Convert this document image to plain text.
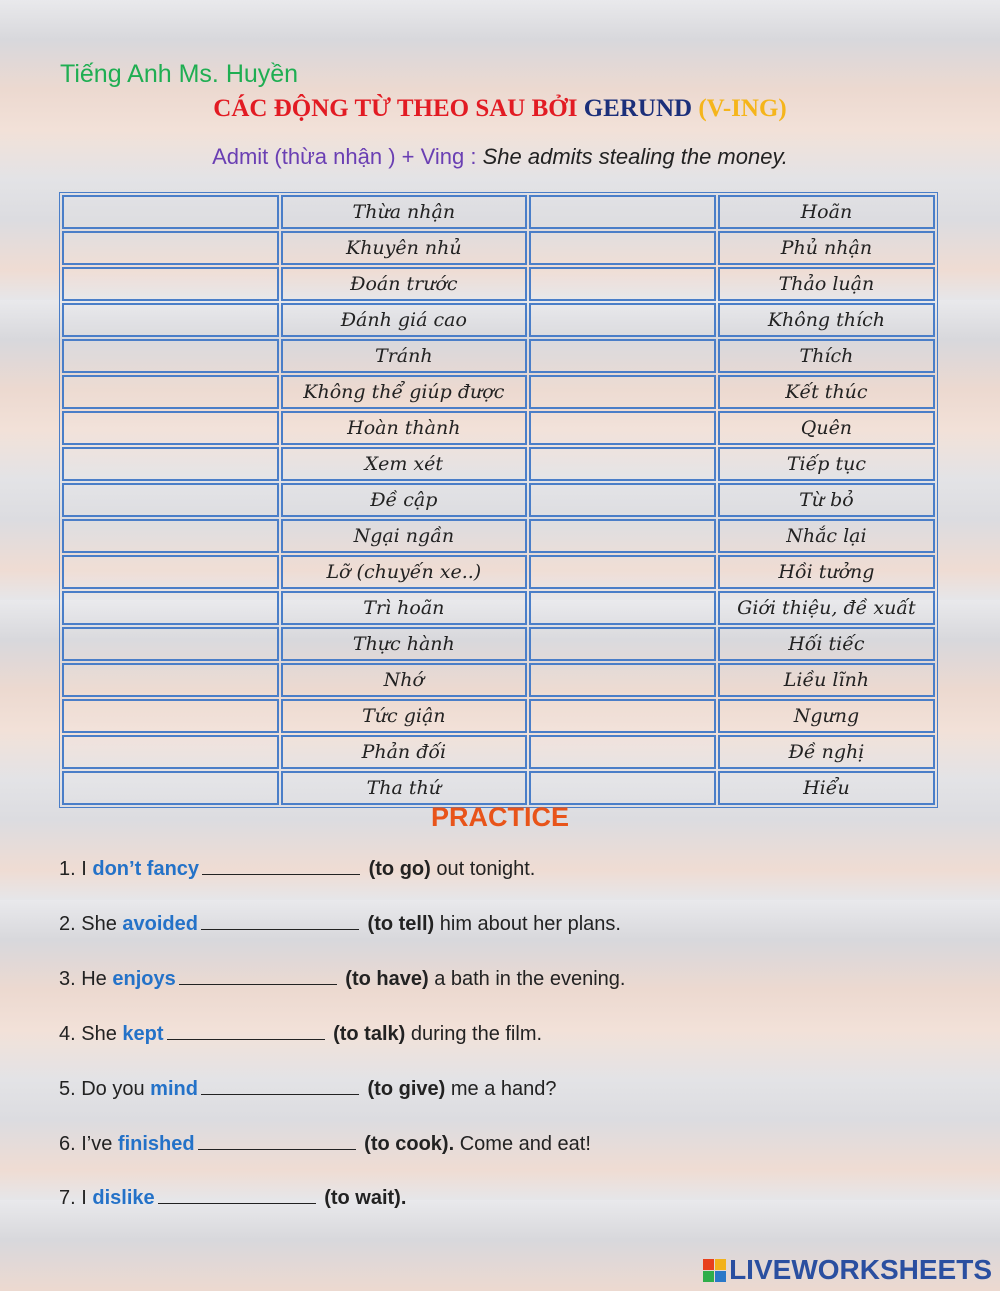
Tiếng Anh Ms. Huyền
CÁC ĐỘNG TỪ THEO SAU BỞI GERUND (V-ING)
Admit (thừa nhận ) + Ving : She admits stealing the money.
	Thừa nhận		Hoãn
	Khuyên nhủ		Phủ nhận
	Đoán trước		Thảo luận
	Đánh giá cao		Không thích
	Tránh		Thích
	Không thể giúp được		Kết thúc
	Hoàn thành		Quên
	Xem xét		Tiếp tục
	Đề cập		Từ bỏ
	Ngại ngần		Nhắc lại
	Lỡ (chuyến xe..)		Hồi tưởng
	Trì hoãn		Giới thiệu, đề xuất
	Thực hành		Hối tiếc
	Nhớ		Liều lĩnh
	Tức giận		Ngưng
	Phản đối		Đề nghị
	Tha thứ		Hiểu
PRACTICE
1. I don’t fancy	(to go) out tonight.
2. She avoided	(to tell) him about her plans.
3. He enjoys	(to have) a bath in the evening.
4. She kept	(to talk) during the film.
5. Do you mind	(to give) me a hand?
6. I’ve finished	(to cook). Come and eat!
7. I dislike	(to wait).
LIVEWORKSHEETS
